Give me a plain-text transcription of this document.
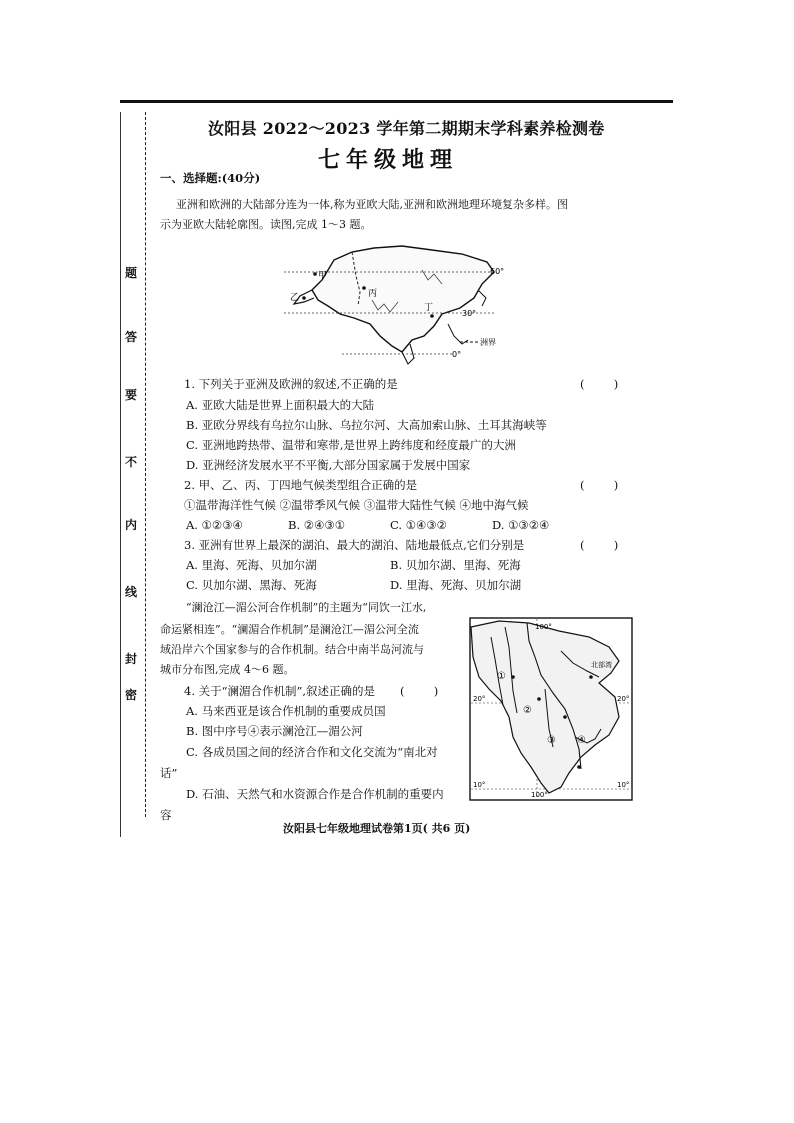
题
答
要
不
内
线
封
密
汝阳县 2022～2023 学年第二期期末学科素养检测卷
七年级地理
一、选择题:(40分)
亚洲和欧洲的大陆部分连为一体,称为亚欧大陆,亚洲和欧洲地理环境复杂多样。图
示为亚欧大陆轮廓图。读图,完成 1～3 题。
甲
乙	丙
丁
60°
30°
0°
洲界
1. 下列关于亚洲及欧洲的叙述,不正确的是	(        )
A. 亚欧大陆是世界上面积最大的大陆
B. 亚欧分界线有乌拉尔山脉、乌拉尔河、大高加索山脉、土耳其海峡等
C. 亚洲地跨热带、温带和寒带,是世界上跨纬度和经度最广的大洲
D. 亚洲经济发展水平不平衡,大部分国家属于发展中国家
2. 甲、乙、丙、丁四地气候类型组合正确的是	(        )
①温带海洋性气候 ②温带季风气候 ③温带大陆性气候 ④地中海气候
A. ①②③④	B. ②④③①	C. ①④③②	D. ①③②④
3. 亚洲有世界上最深的湖泊、最大的湖泊、陆地最低点,它们分别是	(        )
A. 里海、死海、贝加尔湖	B. 贝加尔湖、里海、死海
C. 贝加尔湖、黑海、死海	D. 里海、死海、贝加尔湖
“澜沧江—湄公河合作机制”的主题为“同饮一江水,
命运紧相连”。“澜湄合作机制”是澜沧江—湄公河全流
域沿岸六个国家参与的合作机制。结合中南半岛河流与
城市分布图,完成 4～6 题。
100°
100°
20°	20°
10°	10°
①
②
③ ④
北部湾
4. 关于“澜湄合作机制”,叙述正确的是 (        )
A. 马来西亚是该合作机制的重要成员国
B. 图中序号④表示澜沧江—湄公河
C. 各成员国之间的经济合作和文化交流为“南北对
话”
D. 石油、天然气和水资源合作是合作机制的重要内
容
汝阳县七年级地理试卷第1页( 共6 页)
